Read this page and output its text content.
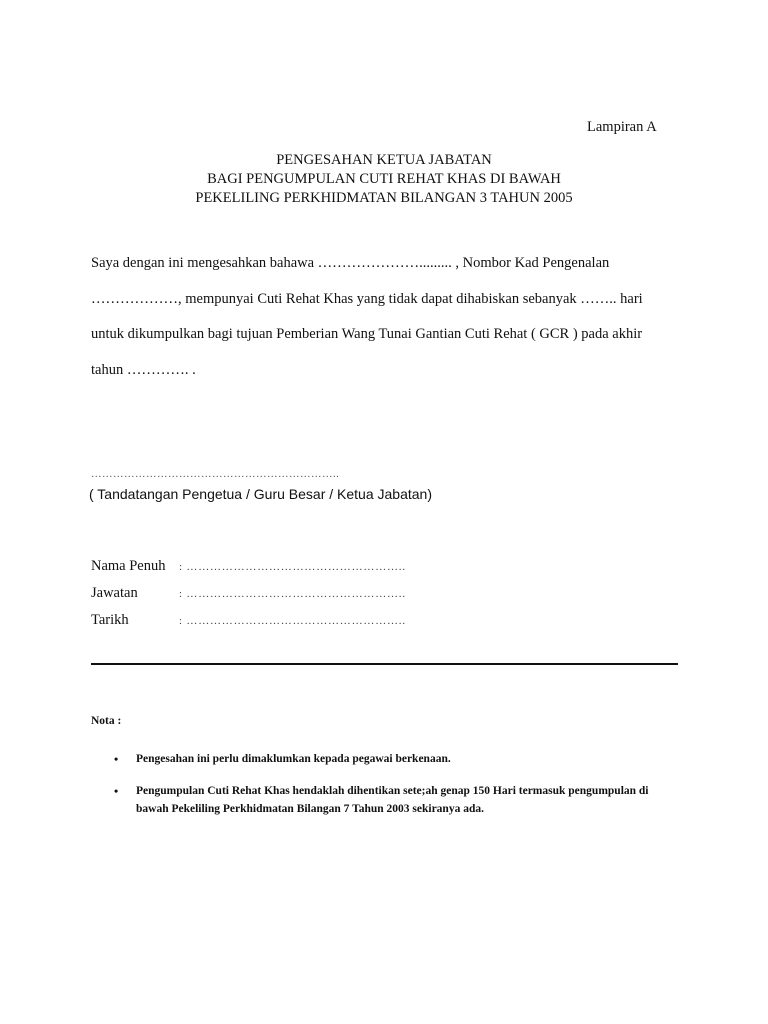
Lampiran A
PENGESAHAN KETUA JABATAN
BAGI PENGUMPULAN CUTI REHAT KHAS DI BAWAH
PEKELILING PERKHIDMATAN BILANGAN 3 TAHUN 2005
Saya dengan ini mengesahkan bahawa …………………......... , Nombor Kad Pengenalan
………………, mempunyai Cuti Rehat Khas yang tidak dapat dihabiskan sebanyak …….. hari
untuk dikumpulkan bagi tujuan Pemberian Wang Tunai Gantian Cuti Rehat ( GCR ) pada akhir
tahun …………. .
…………………………………………………………..
( Tandatangan Pengetua / Guru Besar / Ketua Jabatan)
Nama Penuh : ………………………………………………..
Jawatan	: ………………………………………………..
Tarikh	: ………………………………………………..
Nota :
• Pengesahan ini perlu dimaklumkan kepada pegawai berkenaan.
• Pengumpulan Cuti Rehat Khas hendaklah dihentikan sete;ah genap 150 Hari termasuk pengumpulan di bawah Pekeliling Perkhidmatan Bilangan 7 Tahun 2003 sekiranya ada.
